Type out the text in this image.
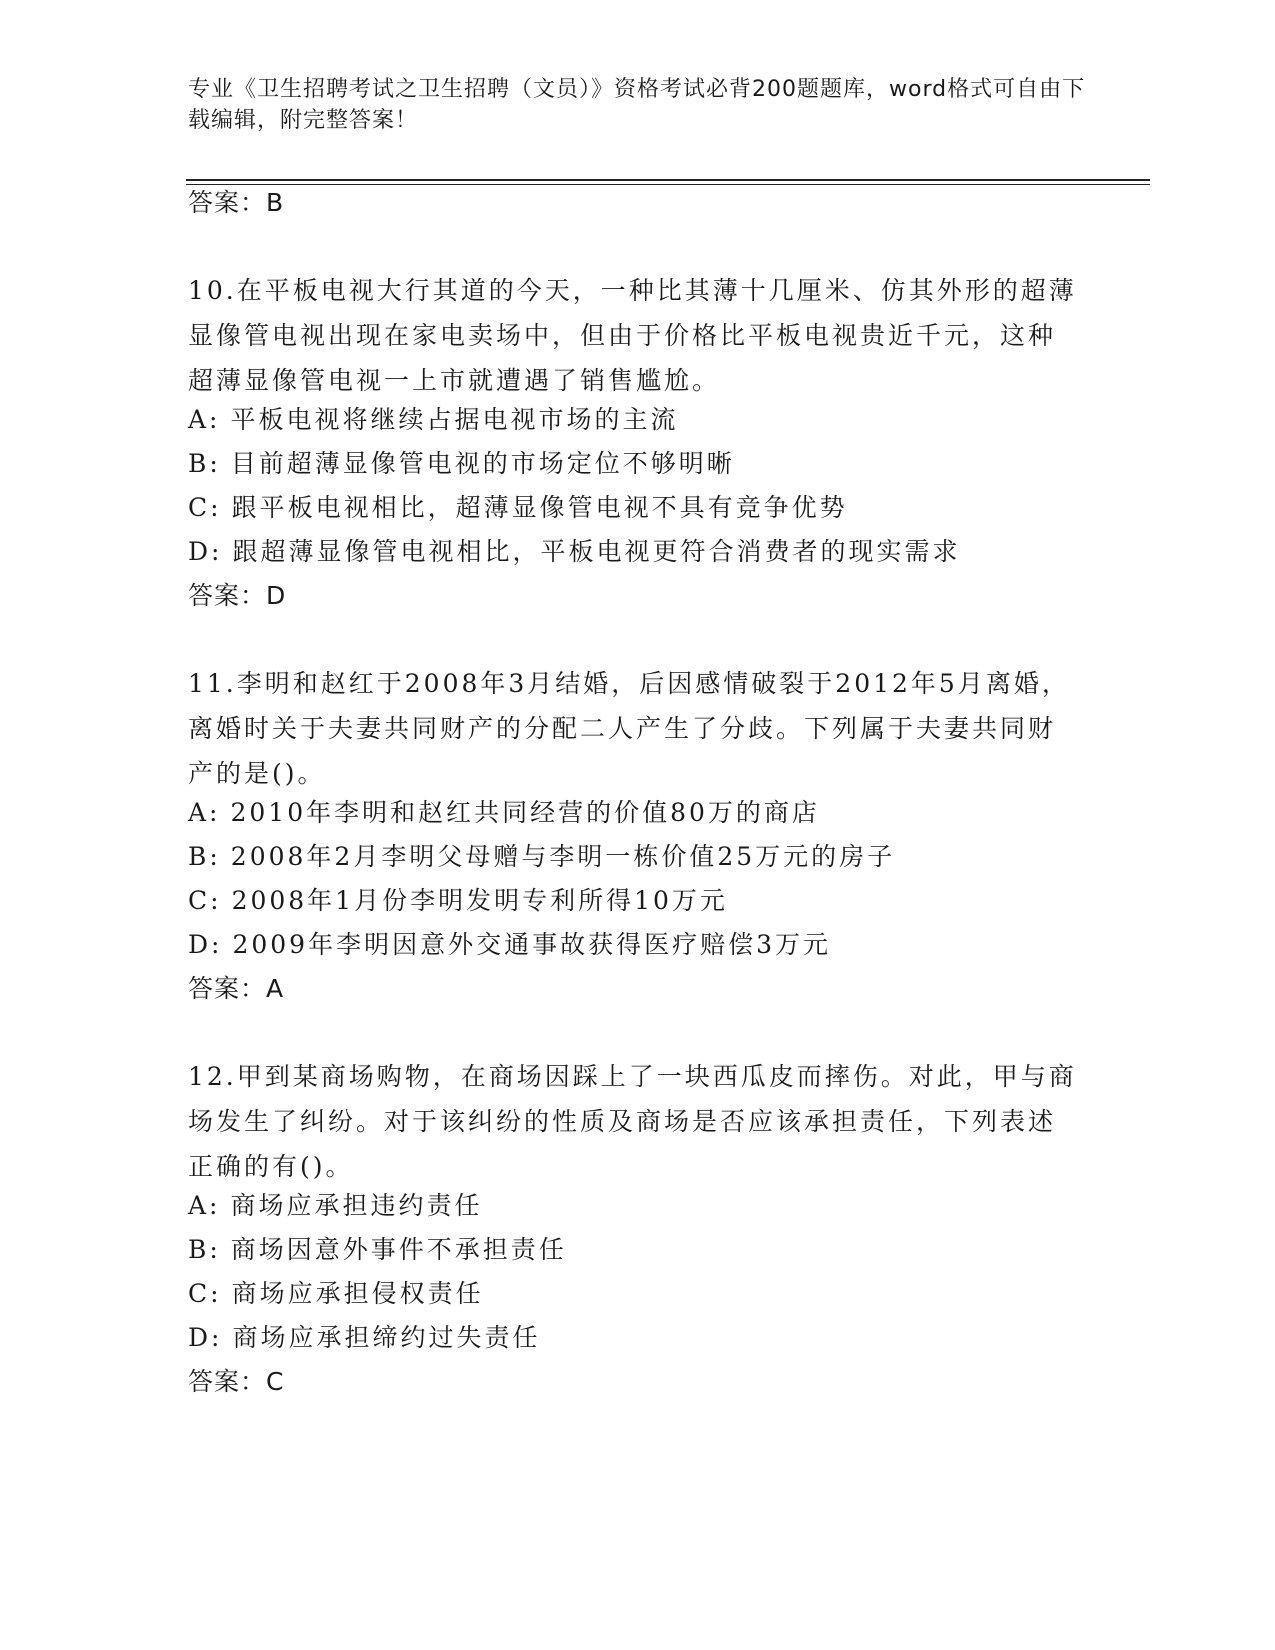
专业《卫生招聘考试之卫生招聘（文员）》资格考试必背200题题库，word格式可自由下载编辑，附完整答案！
答案：B
10.在平板电视大行其道的今天，一种比其薄十几厘米、仿其外形的超薄显像管电视出现在家电卖场中，但由于价格比平板电视贵近千元，这种超薄显像管电视一上市就遭遇了销售尴尬。
A: 平板电视将继续占据电视市场的主流
B: 目前超薄显像管电视的市场定位不够明晰
C: 跟平板电视相比，超薄显像管电视不具有竞争优势
D: 跟超薄显像管电视相比，平板电视更符合消费者的现实需求
答案：D
11.李明和赵红于2008年3月结婚，后因感情破裂于2012年5月离婚，离婚时关于夫妻共同财产的分配二人产生了分歧。下列属于夫妻共同财产的是()。
A: 2010年李明和赵红共同经营的价值80万的商店
B: 2008年2月李明父母赠与李明一栋价值25万元的房子
C: 2008年1月份李明发明专利所得10万元
D: 2009年李明因意外交通事故获得医疗赔偿3万元
答案：A
12.甲到某商场购物，在商场因踩上了一块西瓜皮而摔伤。对此，甲与商场发生了纠纷。对于该纠纷的性质及商场是否应该承担责任，下列表述正确的有()。
A: 商场应承担违约责任
B: 商场因意外事件不承担责任
C: 商场应承担侵权责任
D: 商场应承担缔约过失责任
答案：C
